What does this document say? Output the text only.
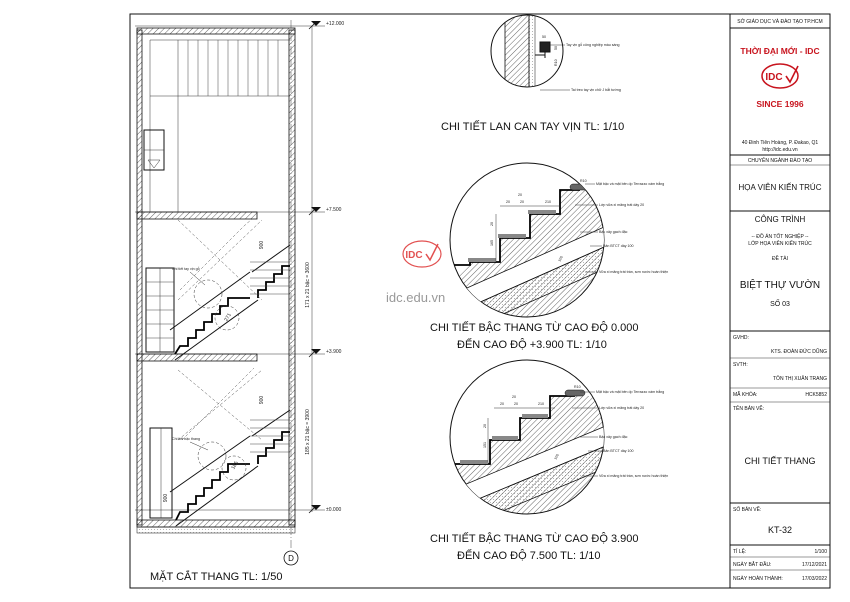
D
171 x 21 bậc = 3600
185 x 21 bậc = 3900
900
900
271
185
900
+12.000
+7.500
+3.900
±0.000
Chi tiết tay vịn gỗ
Chi tiết bậc thang
MẶT CẮT THANG TL: 1/50
50
50
R10
Tay vịn gỗ công nghiệp màu sáng
Tai treo tay vịn chữ J bắt tường
CHI TIẾT LAN CAN TAY VỊN TL: 1/10
R10
20
20	20	210
165
20
100
Mặt bậc và mặt bên ốp Terrazzo xám trắng
Lớp vữa xi măng trát dày 20
Bậc xây gạch đặc
Bản BTCT dày 100
Vữa xi măng trát trần, sơn nước hoàn thiện
CHI TIẾT BẬC THANG TỪ CAO ĐỘ 0.000
ĐẾN CAO ĐỘ +3.900 TL: 1/10
R10
20
20	20	210
151
20
100
Mặt bậc và mặt bên ốp Terrazzo xám trắng
Lớp vữa xi măng trát dày 20
Bậc xây gạch đặc
Bản BTCT dày 100
Vữa xi măng trát trần, sơn nước hoàn thiện
CHI TIẾT BẬC THANG TỪ CAO ĐỘ 3.900
ĐẾN CAO ĐỘ 7.500 TL: 1/10
IDC
idc.edu.vn
SỞ GIÁO DỤC VÀ ĐÀO TẠO TP.HCM
THỜI ĐẠI MỚI - IDC
IDC
SINCE 1996
40 Đinh Tiên Hoàng, P. Đakao, Q1
http://idc.edu.vn
CHUYÊN NGÀNH ĐÀO TẠO
HỌA VIÊN KIẾN TRÚC
CÔNG TRÌNH
-- ĐỒ ÁN TỐT NGHIỆP --
LỚP HỌA VIÊN KIẾN TRÚC
ĐỀ TÀI
BIỆT THỰ VƯỜN
SỐ 03
GVHD:
KTS. ĐOÀN ĐỨC DŨNG
SVTH:
TÔN THỊ XUÂN TRANG
MÃ KHÓA:	HCK5852
TÊN BẢN VẼ:
CHI TIẾT THANG
SỐ BẢN VẼ:
KT-32
TỈ LỆ:	1/100
NGÀY BẮT ĐẦU:	17/12/2021
NGÀY HOÀN THÀNH:	17/03/2022
